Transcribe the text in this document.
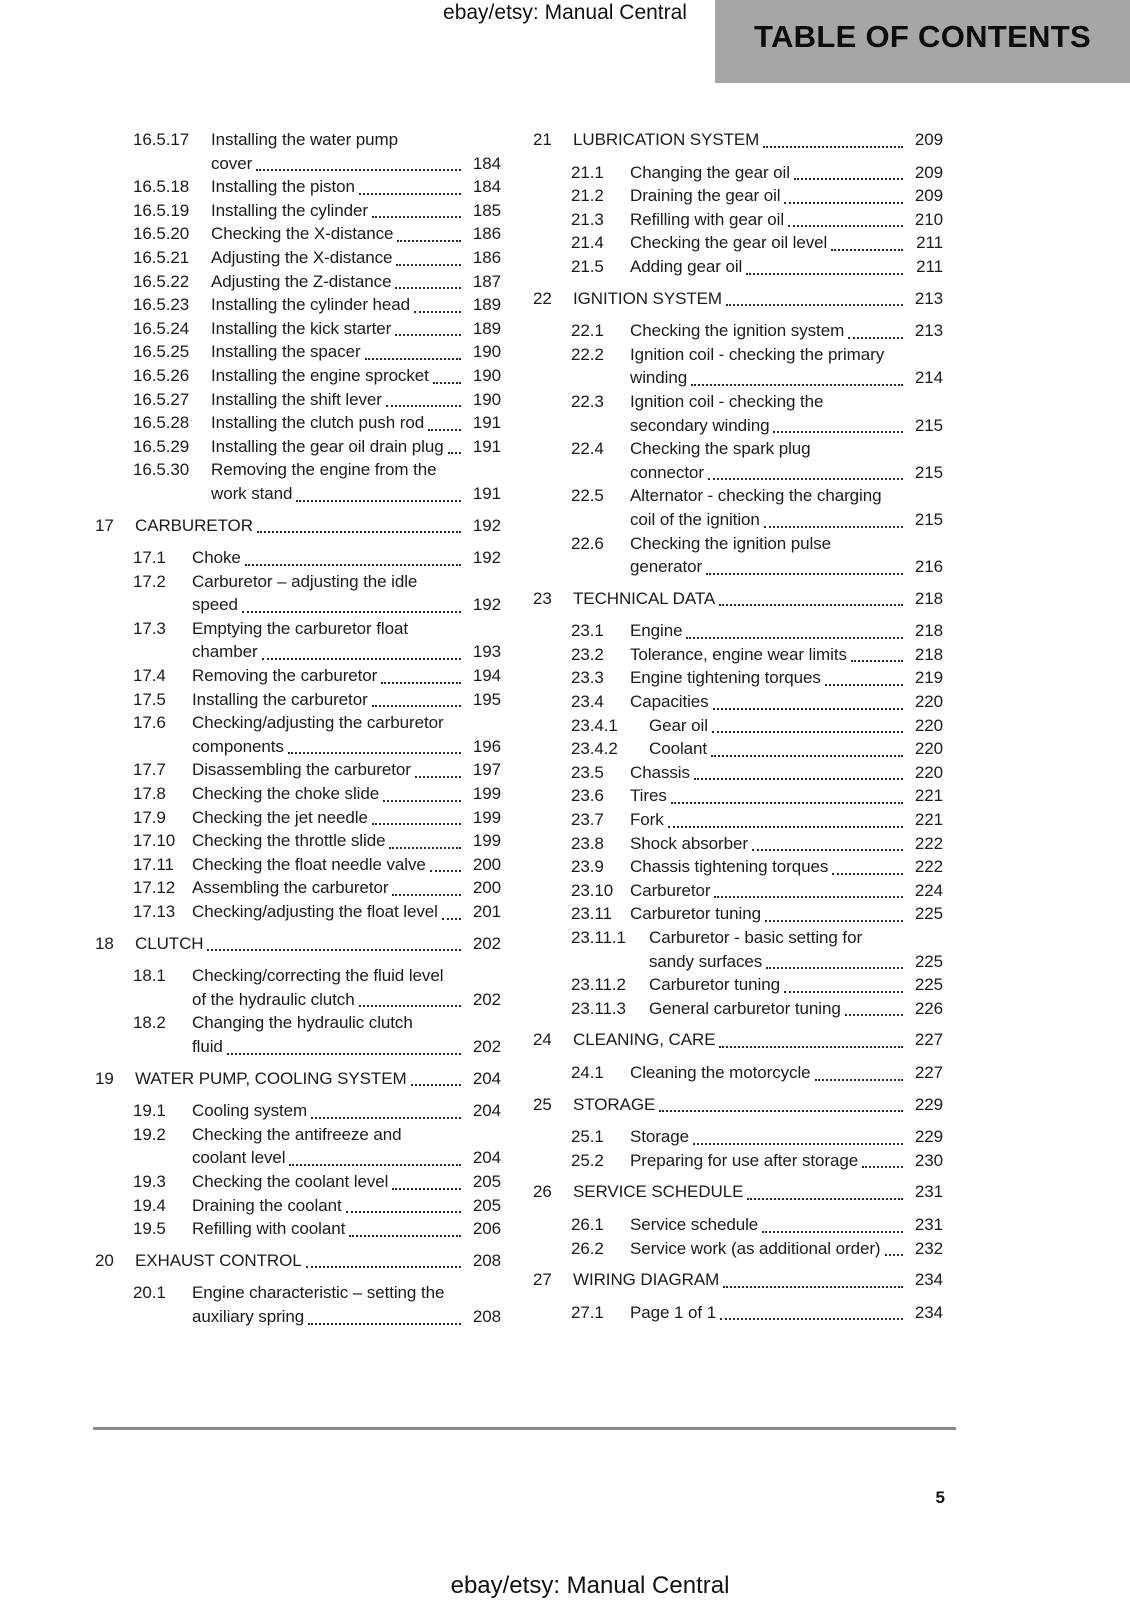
ebay/etsy: Manual Central
TABLE OF CONTENTS
16.5.17	Installing the water pump
cover	184
16.5.18	Installing the piston	184
16.5.19	Installing the cylinder	185
16.5.20	Checking the X-distance	186
16.5.21	Adjusting the X-distance	186
16.5.22	Adjusting the Z-distance	187
16.5.23	Installing the cylinder head	189
16.5.24	Installing the kick starter	189
16.5.25	Installing the spacer	190
16.5.26	Installing the engine sprocket	190
16.5.27	Installing the shift lever	190
16.5.28	Installing the clutch push rod	191
16.5.29	Installing the gear oil drain plug	191
16.5.30	Removing the engine from the
work stand	191
17	CARBURETOR	192
17.1	Choke	192
17.2	Carburetor – adjusting the idle
speed	192
17.3	Emptying the carburetor float
chamber	193
17.4	Removing the carburetor	194
17.5	Installing the carburetor	195
17.6	Checking/adjusting the carburetor
components	196
17.7	Disassembling the carburetor	197
17.8	Checking the choke slide	199
17.9	Checking the jet needle	199
17.10 Checking the throttle slide	199
17.11	Checking the float needle valve	200
17.12 Assembling the carburetor	200
17.13 Checking/adjusting the float level	201
18	CLUTCH	202
18.1	Checking/correcting the fluid level
of the hydraulic clutch	202
18.2	Changing the hydraulic clutch
fluid	202
19	WATER PUMP, COOLING SYSTEM	204
19.1	Cooling system	204
19.2	Checking the antifreeze and
coolant level	204
19.3	Checking the coolant level	205
19.4	Draining the coolant	205
19.5	Refilling with coolant	206
20	EXHAUST CONTROL	208
20.1	Engine characteristic – setting the
auxiliary spring	208
21	LUBRICATION SYSTEM	209
21.1	Changing the gear oil	209
21.2	Draining the gear oil	209
21.3	Refilling with gear oil	210
21.4	Checking the gear oil level	211
21.5	Adding gear oil	211
22	IGNITION SYSTEM	213
22.1	Checking the ignition system	213
22.2	Ignition coil - checking the primary
winding	214
22.3	Ignition coil - checking the
secondary winding	215
22.4	Checking the spark plug
connector	215
22.5	Alternator - checking the charging
coil of the ignition	215
22.6	Checking the ignition pulse
generator	216
23	TECHNICAL DATA	218
23.1	Engine	218
23.2	Tolerance, engine wear limits	218
23.3	Engine tightening torques	219
23.4	Capacities	220
23.4.1	Gear oil	220
23.4.2	Coolant	220
23.5	Chassis	220
23.6	Tires	221
23.7	Fork	221
23.8	Shock absorber	222
23.9	Chassis tightening torques	222
23.10 Carburetor	224
23.11	Carburetor tuning	225
23.11.1	Carburetor - basic setting for
sandy surfaces	225
23.11.2	Carburetor tuning	225
23.11.3	General carburetor tuning	226
24	CLEANING, CARE	227
24.1	Cleaning the motorcycle	227
25	STORAGE	229
25.1	Storage	229
25.2	Preparing for use after storage	230
26	SERVICE SCHEDULE	231
26.1	Service schedule	231
26.2	Service work (as additional order)	232
27	WIRING DIAGRAM	234
27.1	Page 1 of 1	234
5
ebay/etsy: Manual Central
